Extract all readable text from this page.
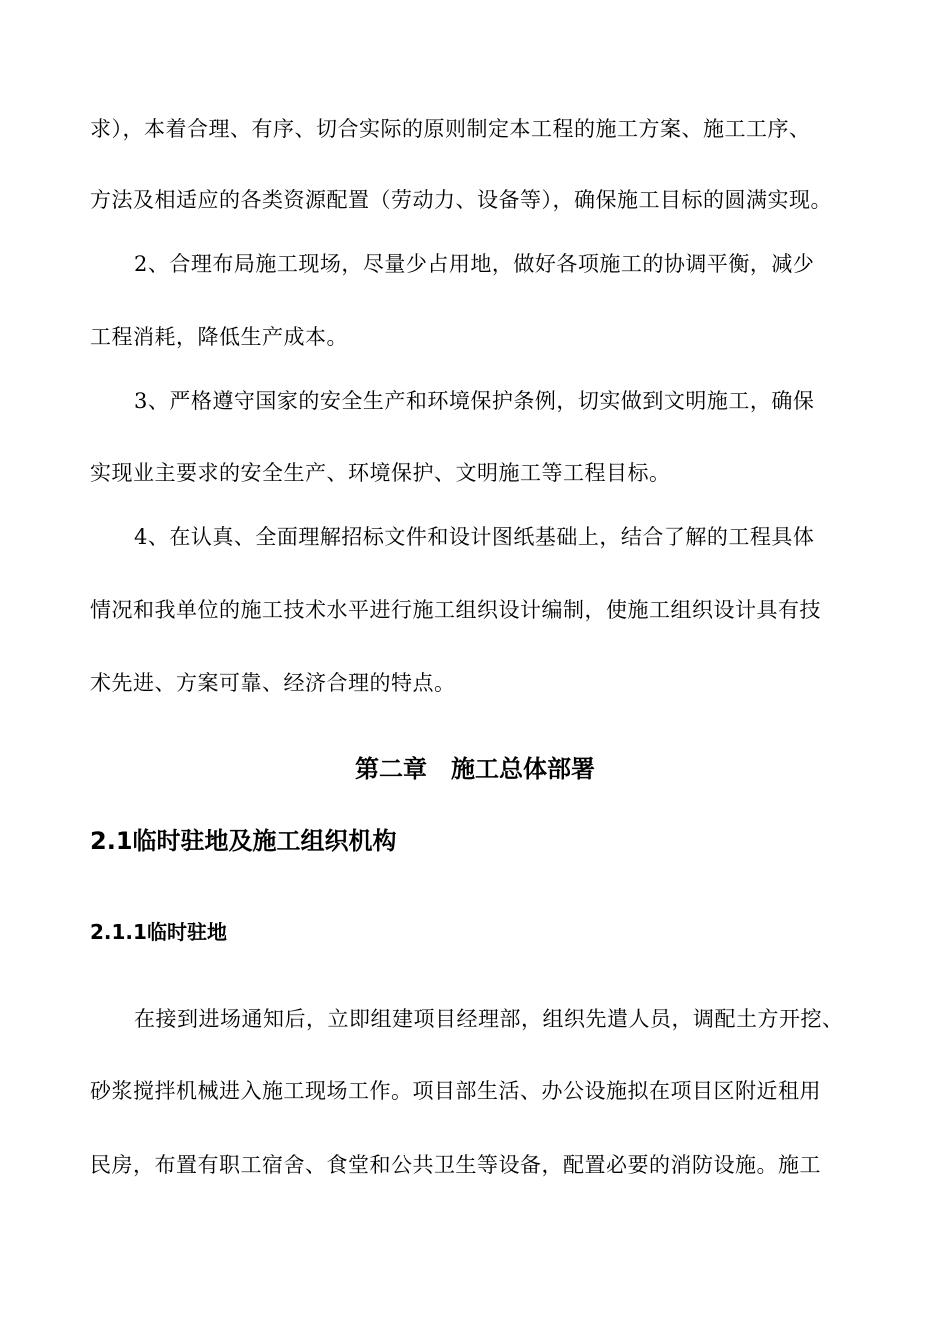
求），本着合理、有序、切合实际的原则制定本工程的施工方案、施工工序、
方法及相适应的各类资源配置（劳动力、设备等），确保施工目标的圆满实现。
2、合理布局施工现场，尽量少占用地，做好各项施工的协调平衡，减少
工程消耗，降低生产成本。
3、严格遵守国家的安全生产和环境保护条例，切实做到文明施工，确保
实现业主要求的安全生产、环境保护、文明施工等工程目标。
4、在认真、全面理解招标文件和设计图纸基础上，结合了解的工程具体
情况和我单位的施工技术水平进行施工组织设计编制，使施工组织设计具有技
术先进、方案可靠、经济合理的特点。
第二章　施工总体部署
2.1临时驻地及施工组织机构
2.1.1临时驻地
在接到进场通知后，立即组建项目经理部，组织先遣人员，调配土方开挖、
砂浆搅拌机械进入施工现场工作。项目部生活、办公设施拟在项目区附近租用
民房，布置有职工宿舍、食堂和公共卫生等设备，配置必要的消防设施。施工
